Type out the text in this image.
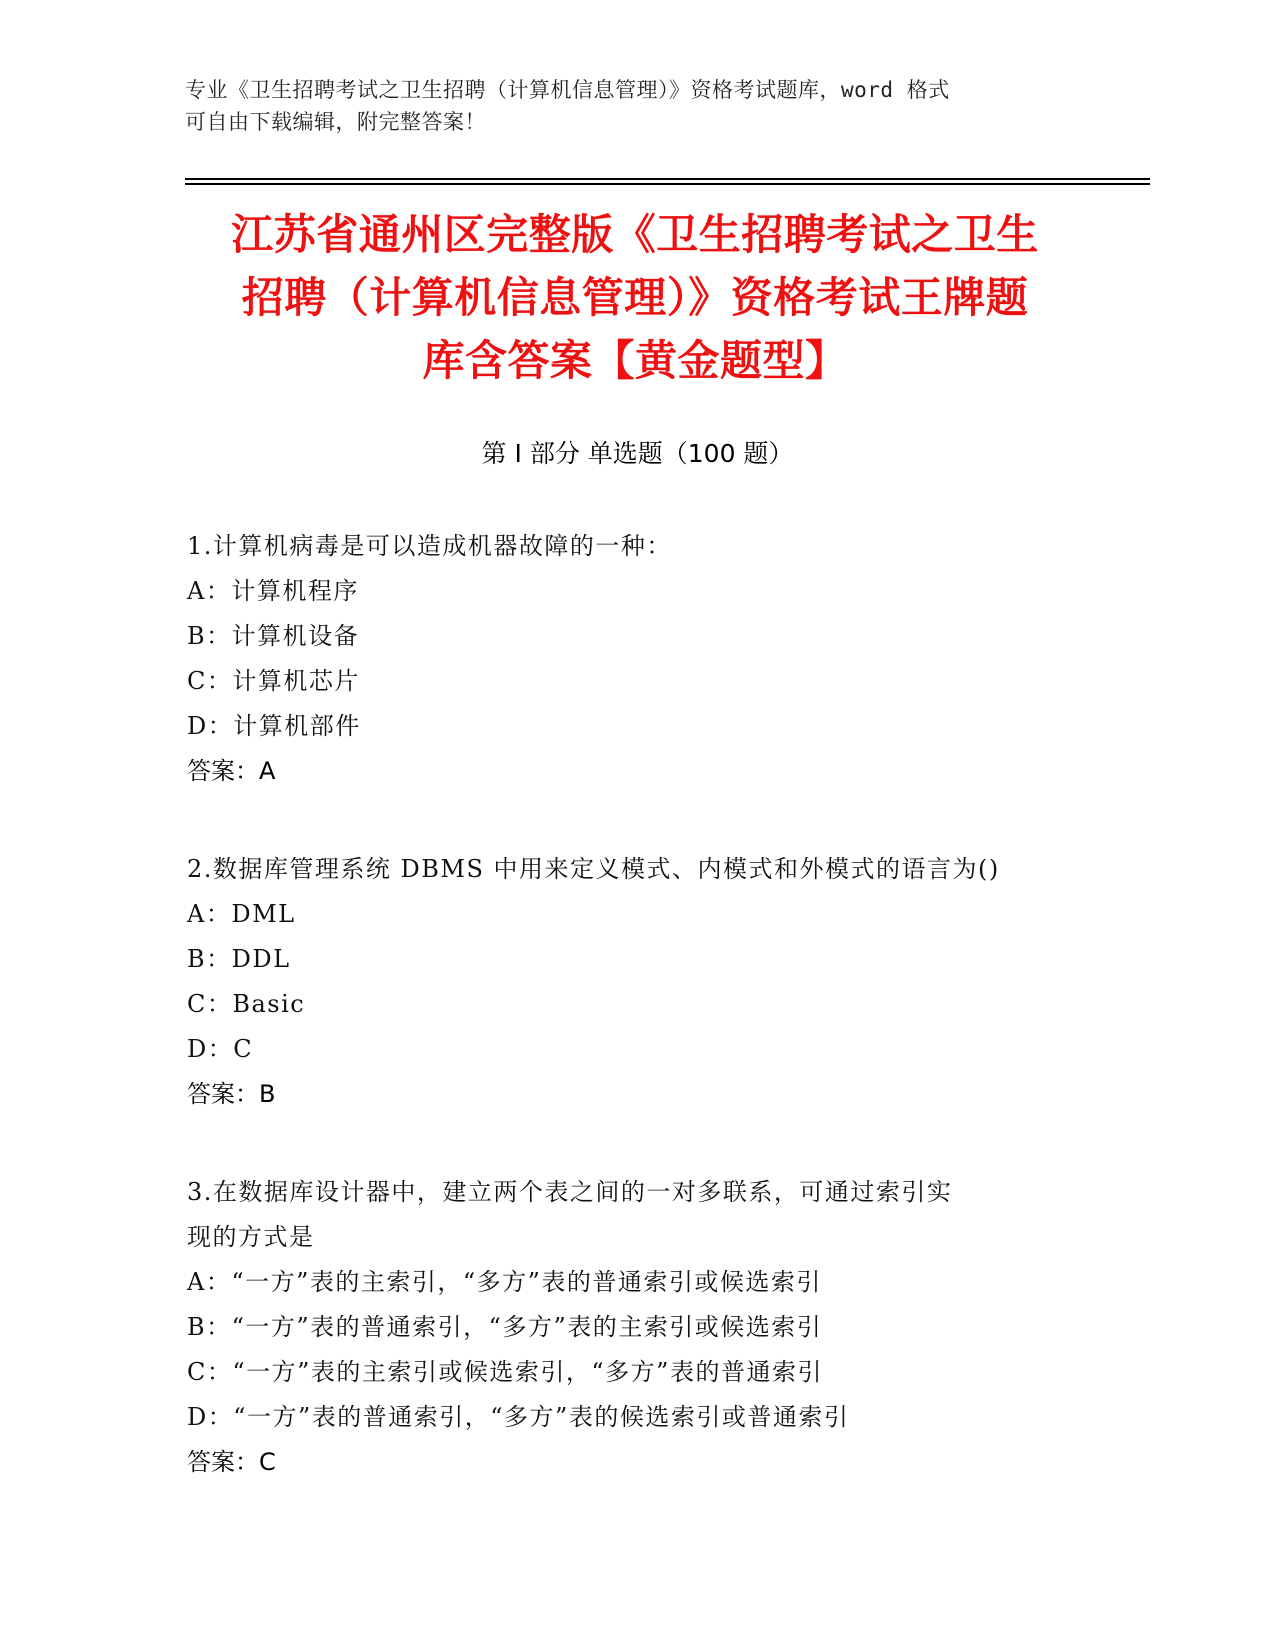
专业《卫生招聘考试之卫生招聘（计算机信息管理）》资格考试题库，word 格式
可自由下载编辑，附完整答案！
江苏省通州区完整版《卫生招聘考试之卫生
招聘（计算机信息管理）》资格考试王牌题
库含答案【黄金题型】
第 I 部分 单选题（100 题）
1.计算机病毒是可以造成机器故障的一种：
A：计算机程序
B：计算机设备
C：计算机芯片
D：计算机部件
答案：A
2.数据库管理系统 DBMS 中用来定义模式、内模式和外模式的语言为()
A：DML
B：DDL
C：Basic
D：C
答案：B
3.在数据库设计器中，建立两个表之间的一对多联系，可通过索引实
现的方式是
A：“一方”表的主索引，“多方”表的普通索引或候选索引
B：“一方”表的普通索引，“多方”表的主索引或候选索引
C：“一方”表的主索引或候选索引，“多方”表的普通索引
D：“一方”表的普通索引，“多方”表的候选索引或普通索引
答案：C
